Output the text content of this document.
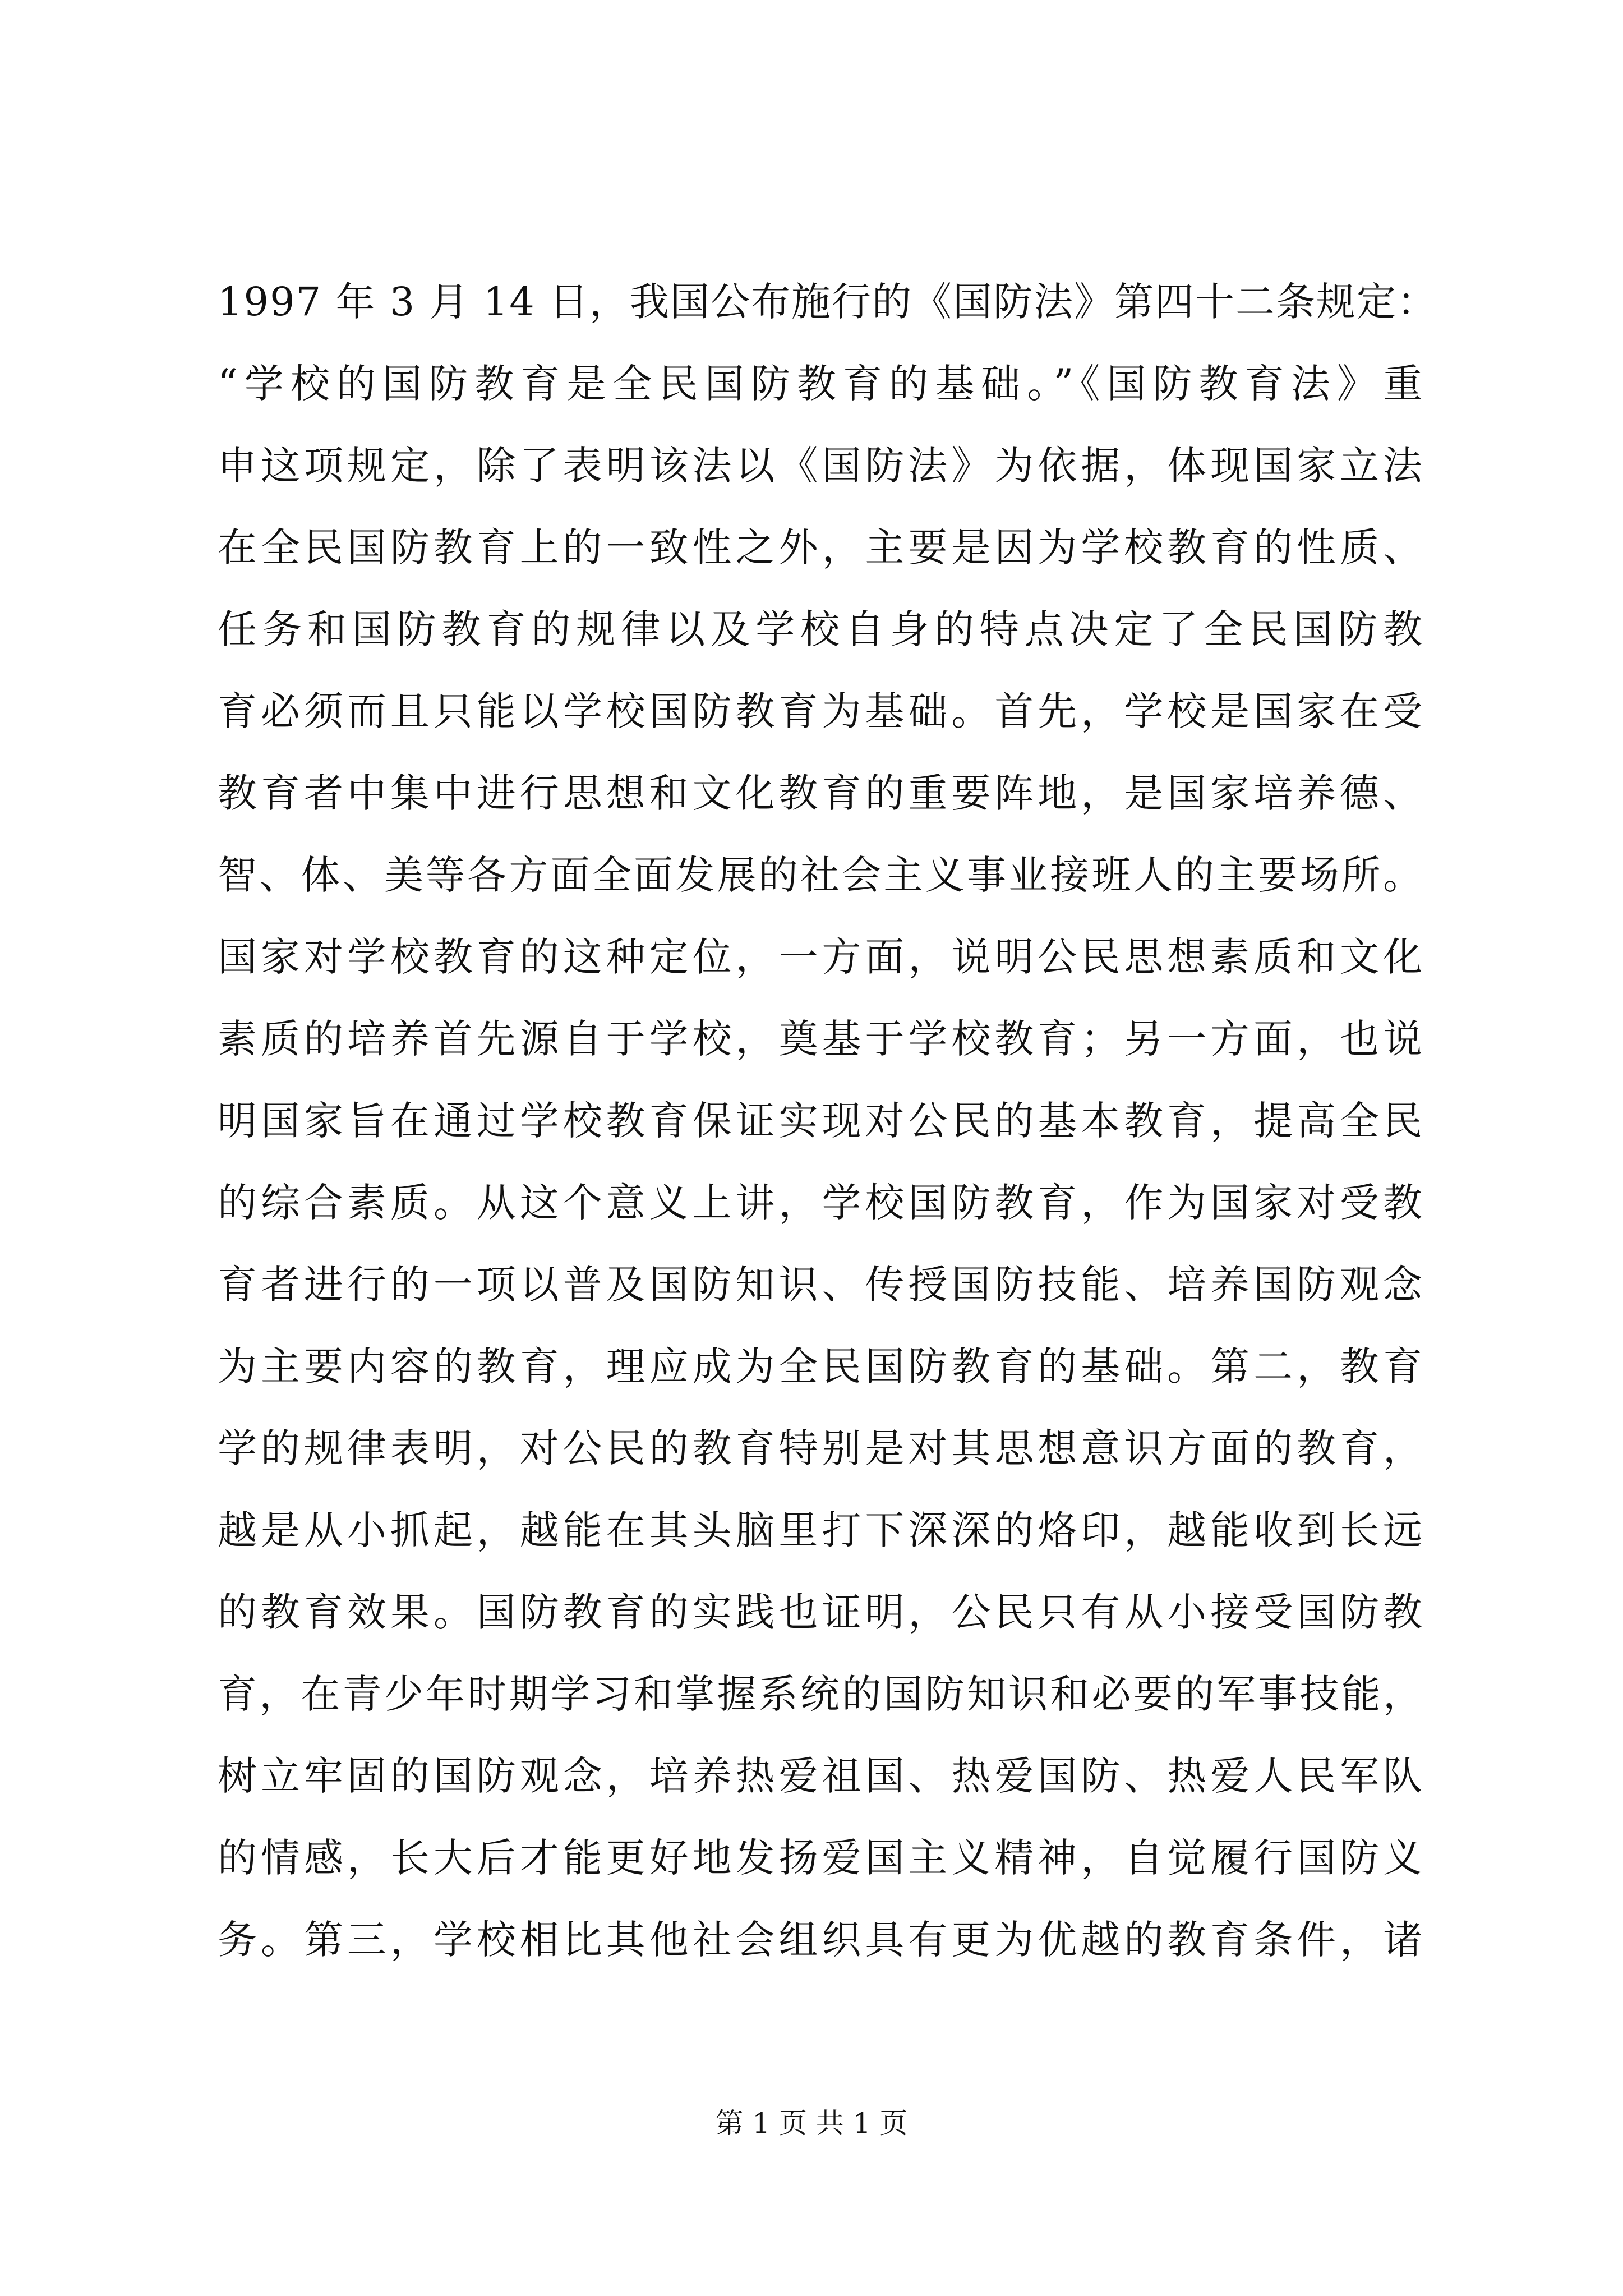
1997 年 3 月 14 日，我国公布施行的《国防法》第四十二条规定：
“学校的国防教育是全民国防教育的基础。”《国防教育法》重
申这项规定，除了表明该法以《国防法》为依据，体现国家立法
在全民国防教育上的一致性之外，主要是因为学校教育的性质、
任务和国防教育的规律以及学校自身的特点决定了全民国防教
育必须而且只能以学校国防教育为基础。首先，学校是国家在受
教育者中集中进行思想和文化教育的重要阵地，是国家培养德、
智、体、美等各方面全面发展的社会主义事业接班人的主要场所。
国家对学校教育的这种定位，一方面，说明公民思想素质和文化
素质的培养首先源自于学校，奠基于学校教育；另一方面，也说
明国家旨在通过学校教育保证实现对公民的基本教育，提高全民
的综合素质。从这个意义上讲，学校国防教育，作为国家对受教
育者进行的一项以普及国防知识、传授国防技能、培养国防观念
为主要内容的教育，理应成为全民国防教育的基础。第二，教育
学的规律表明，对公民的教育特别是对其思想意识方面的教育，
越是从小抓起，越能在其头脑里打下深深的烙印，越能收到长远
的教育效果。国防教育的实践也证明，公民只有从小接受国防教
育，在青少年时期学习和掌握系统的国防知识和必要的军事技能，
树立牢固的国防观念，培养热爱祖国、热爱国防、热爱人民军队
的情感，长大后才能更好地发扬爱国主义精神，自觉履行国防义
务。第三，学校相比其他社会组织具有更为优越的教育条件，诸
第 1 页 共 1 页
